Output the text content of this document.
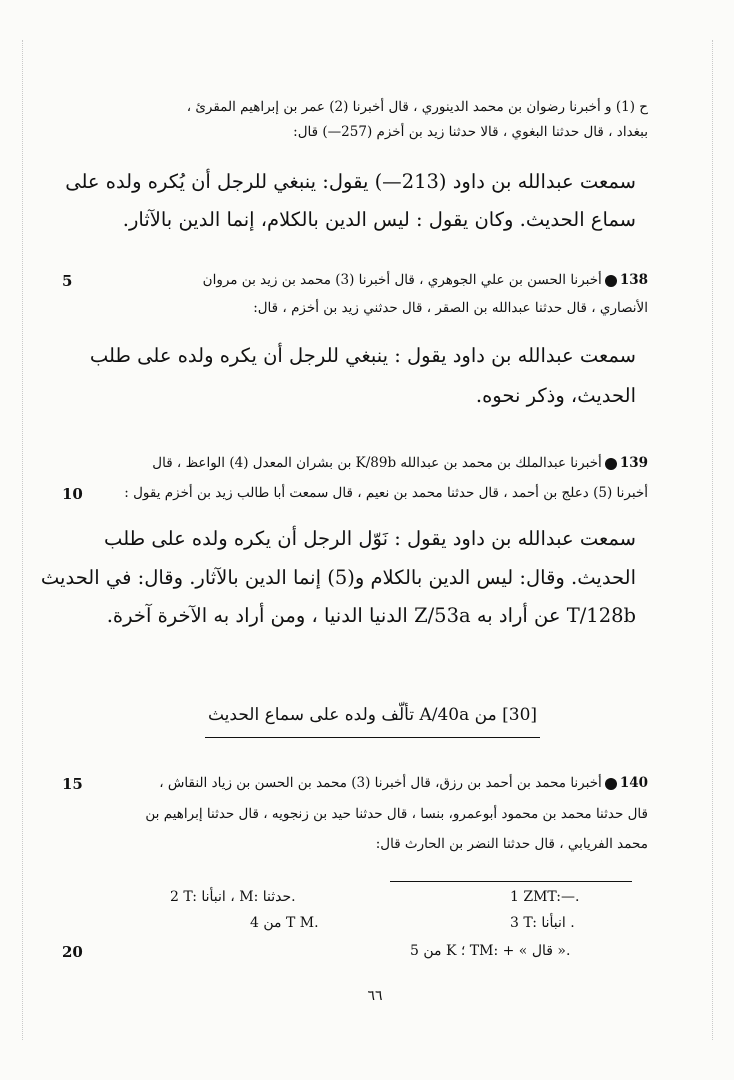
ح (1) و أخبرنا رضوان بن محمد الدينوري ، قال أخبرنا (2) عمر بن إبراهيم المقرئ ،
ببغداد ، قال حدثنا البغوي ، قالا حدثنا زيد بن أخزم (257—) قال:
سمعت عبدالله بن داود (213—) يقول: ينبغي للرجل أن يُكره ولده على
سماع الحديث. وكان يقول : ليس الدين بالكلام، إنما الدين بالآثار.
5	138أخبرنا الحسن بن علي الجوهري ، قال أخبرنا (3) محمد بن زيد بن مروان
الأنصاري ، قال حدثنا عبدالله بن الصقر ، قال حدثني زيد بن أخزم ، قال:
سمعت عبدالله بن داود يقول : ينبغي للرجل أن يكره ولده على طلب
الحديث، وذكر نحوه.
139أخبرنا عبدالملك بن محمد بن عبدالله K/89b بن بشران المعدل (4) الواعظ ، قال
10	أخبرنا (5) دعلج بن أحمد ، قال حدثنا محمد بن نعيم ، قال سمعت أبا طالب زيد بن أخزم يقول :
سمعت عبدالله بن داود يقول : نَوّل الرجل أن يكره ولده على طلب
الحديث. وقال: ليس الدين بالكلام و(5) إنما الدين بالآثار. وقال: في الحديث
T/128b عن أراد به Z/53a الدنيا الدنيا ، ومن أراد به الآخرة آخرة.
[30] من A/40a تألّف ولده على سماع الحديث
15	140أخبرنا محمد بن أحمد بن رزق، قال أخبرنا (3) محمد بن الحسن بن زياد النقاش ،
قال حدثنا محمد بن محمود أبوعمرو، بنسا ، قال حدثنا حيد بن زنجويه ، قال حدثنا إبراهيم بن
محمد الفريابي ، قال حدثنا النضر بن الحارث قال:
1 ZMT:—.
2 T: انبأنا ، M: حدثنا.
3 T: انبأنا .
4 من T M.
20	5 من K ؛ TM: + « قال ».
٦٦
